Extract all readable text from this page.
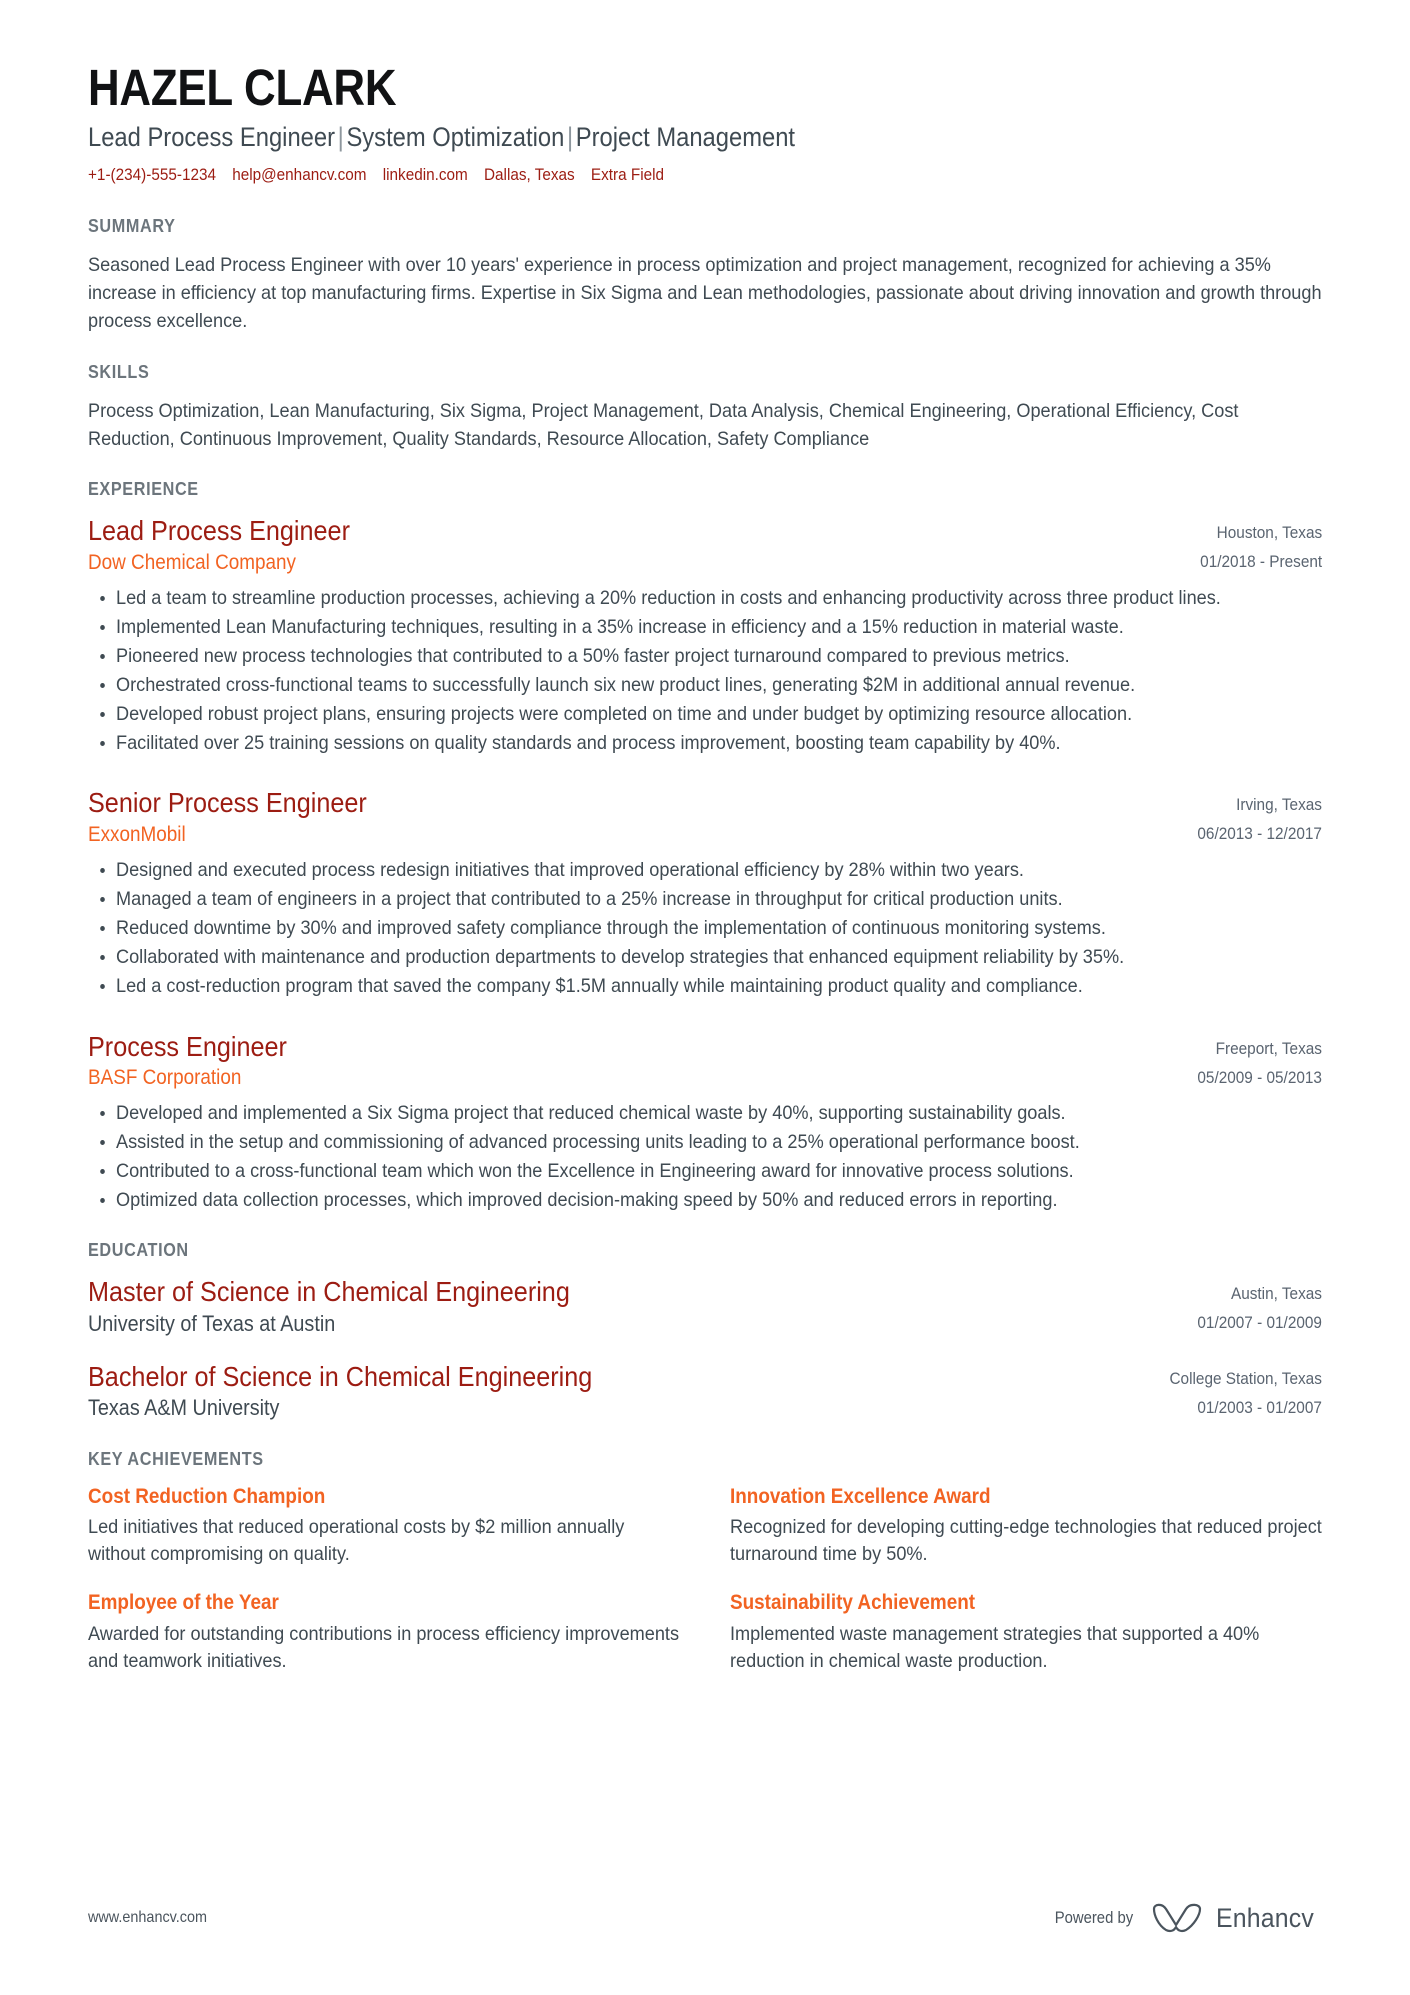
HAZEL CLARK
Lead Process Engineer|System Optimization|Project Management
+1-(234)-555-1234 help@enhancv.com linkedin.com Dallas, Texas Extra Field
SUMMARY

Seasoned Lead Process Engineer with over 10 years' experience in process optimization and project management, recognized for achieving a 35% increase in efficiency at top manufacturing firms. Expertise in Six Sigma and Lean methodologies, passionate about driving innovation and growth through process excellence.

SKILLS

Process Optimization, Lean Manufacturing, Six Sigma, Project Management, Data Analysis, Chemical Engineering, Operational Efficiency, Cost Reduction, Continuous Improvement, Quality Standards, Resource Allocation, Safety Compliance

EXPERIENCE
Lead Process Engineer
Dow Chemical Company
Houston, Texas
01/2018 - Present
Led a team to streamline production processes, achieving a 20% reduction in costs and enhancing productivity across three product lines.
Implemented Lean Manufacturing techniques, resulting in a 35% increase in efficiency and a 15% reduction in material waste.
Pioneered new process technologies that contributed to a 50% faster project turnaround compared to previous metrics.
Orchestrated cross-functional teams to successfully launch six new product lines, generating $2M in additional annual revenue.
Developed robust project plans, ensuring projects were completed on time and under budget by optimizing resource allocation.
Facilitated over 25 training sessions on quality standards and process improvement, boosting team capability by 40%.
Senior Process Engineer
ExxonMobil
Irving, Texas
06/2013 - 12/2017
Designed and executed process redesign initiatives that improved operational efficiency by 28% within two years.
Managed a team of engineers in a project that contributed to a 25% increase in throughput for critical production units.
Reduced downtime by 30% and improved safety compliance through the implementation of continuous monitoring systems.
Collaborated with maintenance and production departments to develop strategies that enhanced equipment reliability by 35%.
Led a cost-reduction program that saved the company $1.5M annually while maintaining product quality and compliance.
Process Engineer
BASF Corporation
Freeport, Texas
05/2009 - 05/2013
Developed and implemented a Six Sigma project that reduced chemical waste by 40%, supporting sustainability goals.
Assisted in the setup and commissioning of advanced processing units leading to a 25% operational performance boost.
Contributed to a cross-functional team which won the Excellence in Engineering award for innovative process solutions.
Optimized data collection processes, which improved decision-making speed by 50% and reduced errors in reporting.
EDUCATION
Master of Science in Chemical Engineering
University of Texas at Austin
Austin, Texas
01/2007 - 01/2009
Bachelor of Science in Chemical Engineering
Texas A&M University
College Station, Texas
01/2003 - 01/2007
KEY ACHIEVEMENTS
Cost Reduction Champion

Led initiatives that reduced operational costs by $2 million annually without compromising on quality.

Innovation Excellence Award

Recognized for developing cutting-edge technologies that reduced project turnaround time by 50%.

Employee of the Year

Awarded for outstanding contributions in process efficiency improvements and teamwork initiatives.

Sustainability Achievement

Implemented waste management strategies that supported a 40% reduction in chemical waste production.

www.enhancv.com	Powered by	Enhancv
